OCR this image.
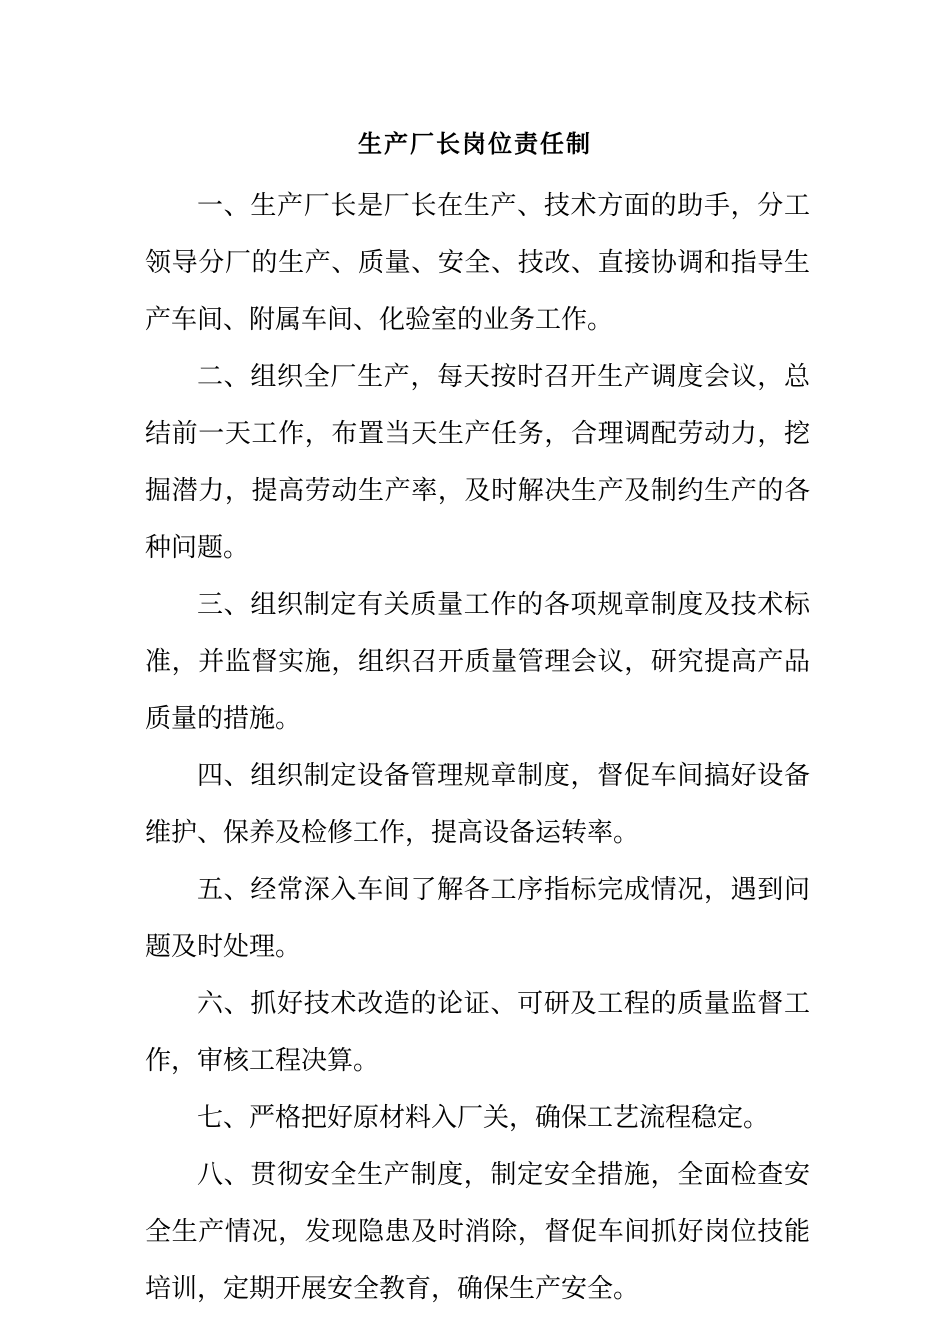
生产厂长岗位责任制

一、生产厂长是厂长在生产、技术方面的助手，分工领导分厂的生产、质量、安全、技改、直接协调和指导生产车间、附属车间、化验室的业务工作。

二、组织全厂生产，每天按时召开生产调度会议，总结前一天工作，布置当天生产任务，合理调配劳动力，挖掘潜力，提高劳动生产率，及时解决生产及制约生产的各种问题。

三、组织制定有关质量工作的各项规章制度及技术标准，并监督实施，组织召开质量管理会议，研究提高产品质量的措施。

四、组织制定设备管理规章制度，督促车间搞好设备维护、保养及检修工作，提高设备运转率。

五、经常深入车间了解各工序指标完成情况，遇到问题及时处理。

六、抓好技术改造的论证、可研及工程的质量监督工作，审核工程决算。

七、严格把好原材料入厂关，确保工艺流程稳定。

八、贯彻安全生产制度，制定安全措施，全面检查安全生产情况，发现隐患及时消除，督促车间抓好岗位技能培训，定期开展安全教育，确保生产安全。
